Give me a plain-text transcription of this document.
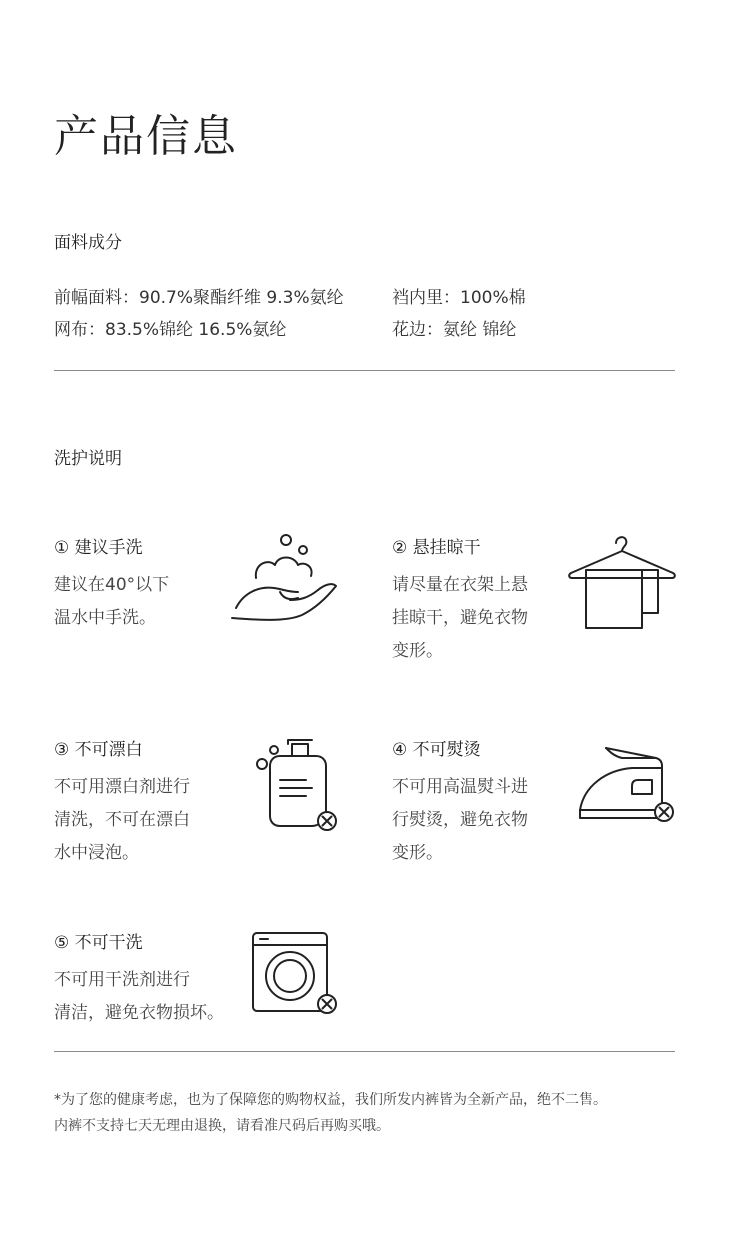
产品信息
面料成分
前幅面料：90.7%聚酯纤维 9.3%氨纶	裆内里：100%棉
网布：83.5%锦纶 16.5%氨纶	花边：氨纶 锦纶
洗护说明
① 建议手洗

建议在40°以下
温水中手洗。

② 悬挂晾干

请尽量在衣架上悬
挂晾干，避免衣物
变形。

③ 不可漂白

不可用漂白剂进行
清洗，不可在漂白
水中浸泡。

④ 不可熨烫

不可用高温熨斗进
行熨烫，避免衣物
变形。

⑤ 不可干洗

不可用干洗剂进行
清洁，避免衣物损坏。

*为了您的健康考虑，也为了保障您的购物权益，我们所发内裤皆为全新产品，绝不二售。

内裤不支持七天无理由退换，请看准尺码后再购买哦。
